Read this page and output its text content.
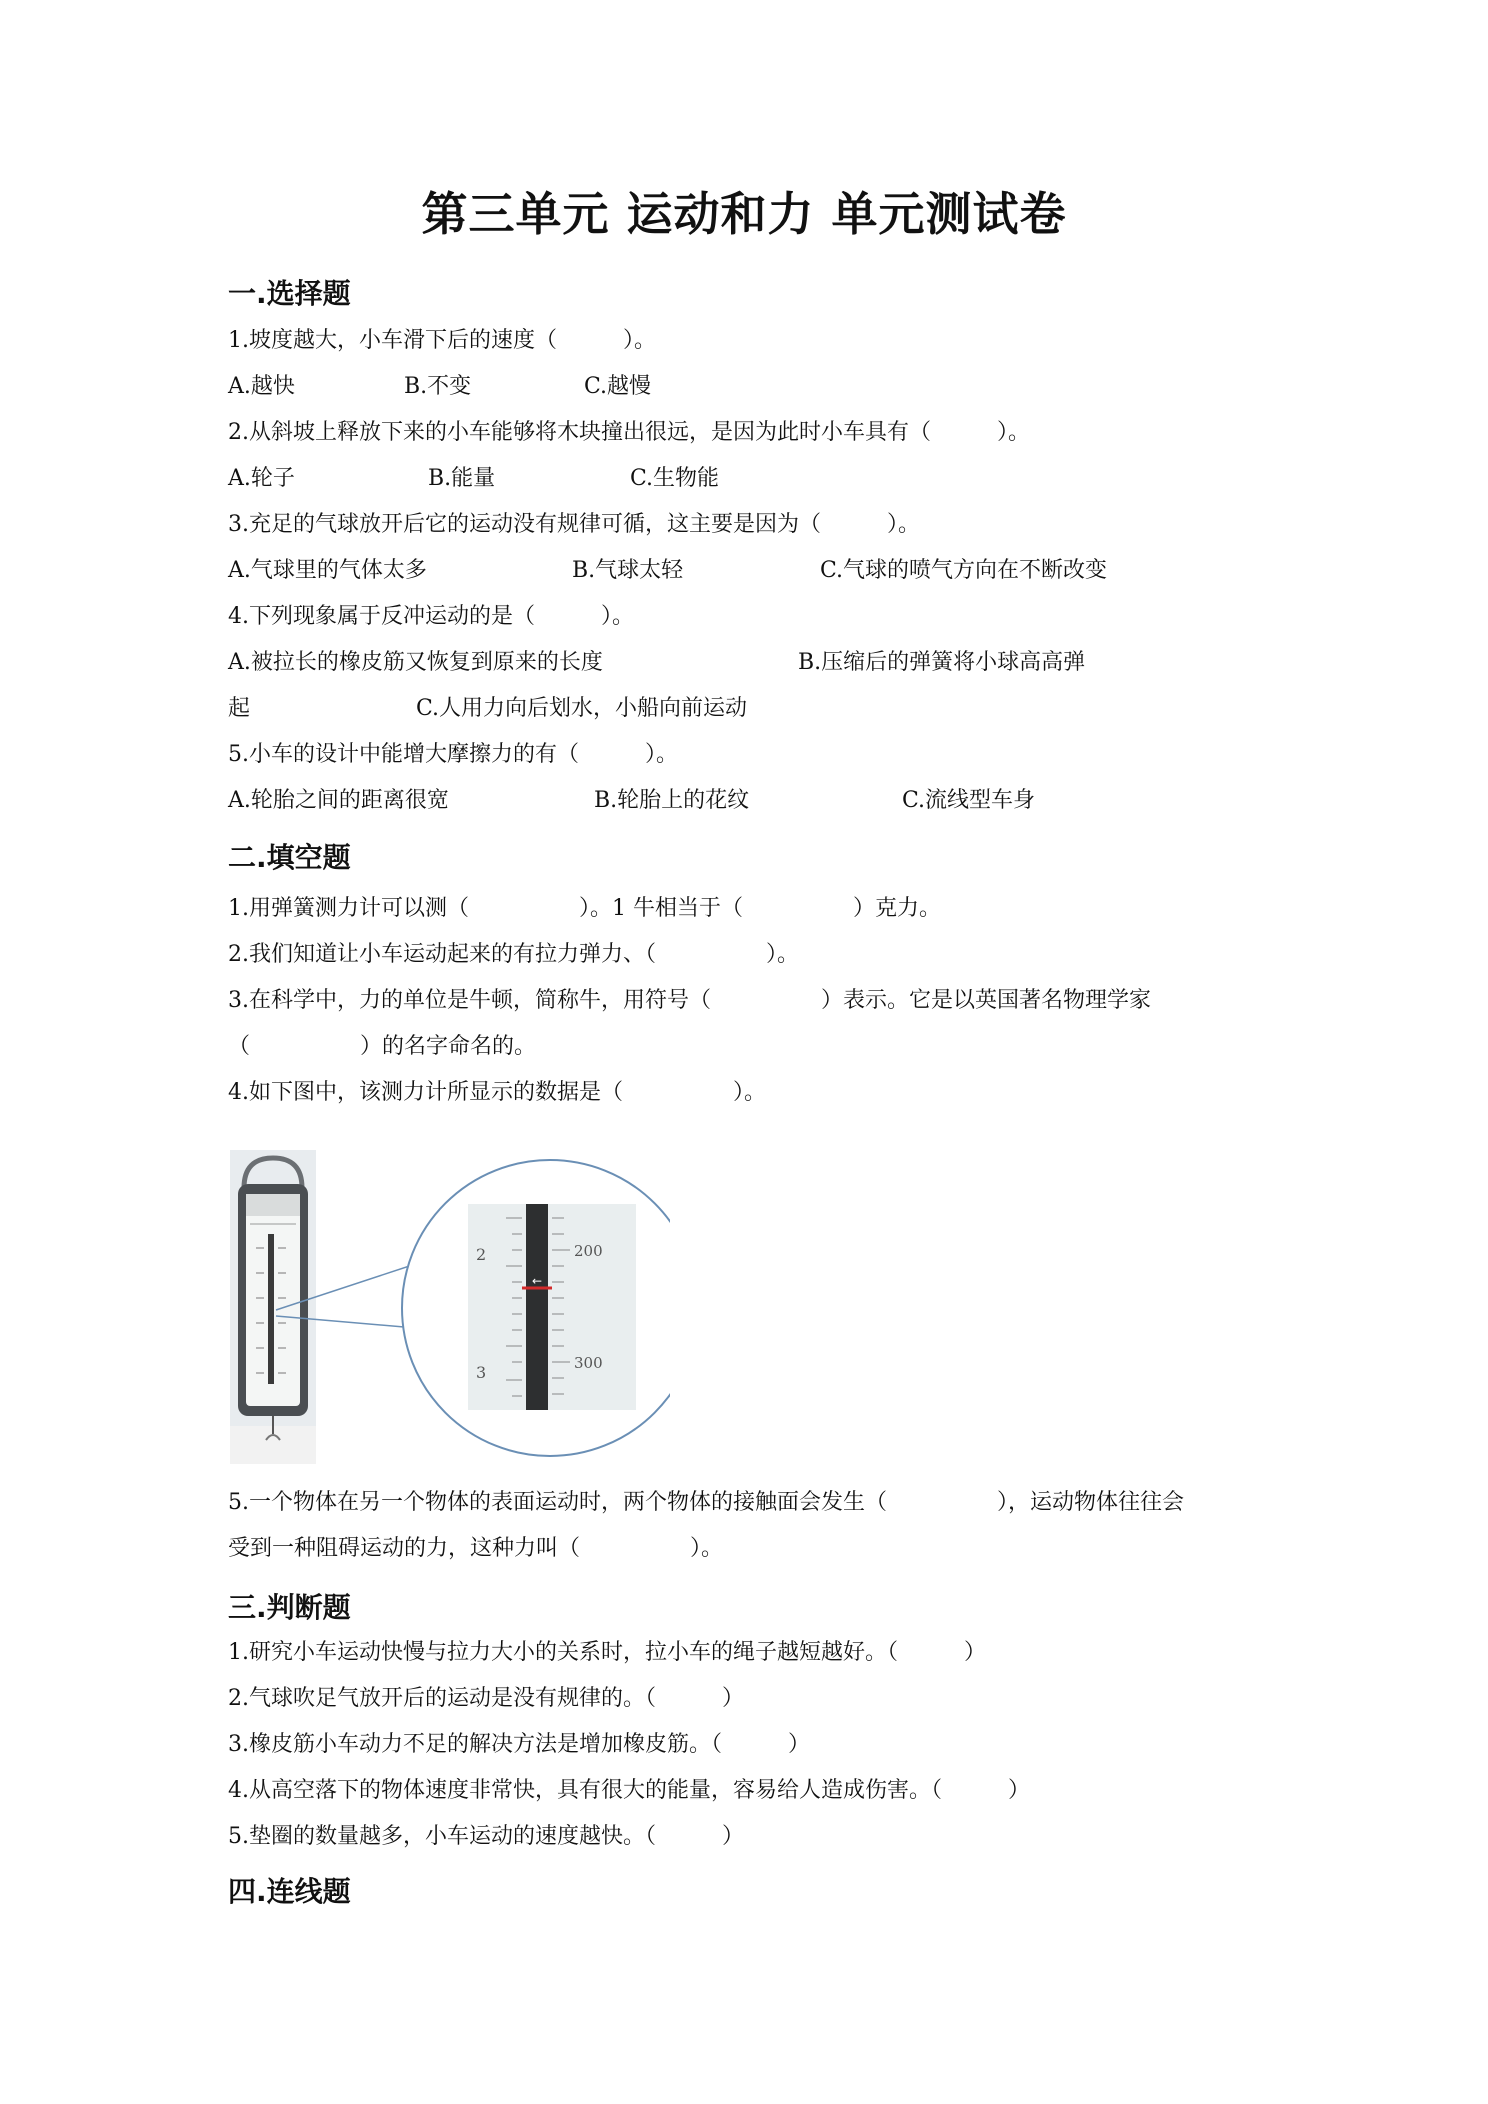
第三单元 运动和力 单元测试卷
一.选择题
1.坡度越大，小车滑下后的速度（　　　）。
A.越快	B.不变	C.越慢
2.从斜坡上释放下来的小车能够将木块撞出很远，是因为此时小车具有（　　　）。
A.轮子	B.能量	C.生物能
3.充足的气球放开后它的运动没有规律可循，这主要是因为（　　　）。
A.气球里的气体太多	B.气球太轻	C.气球的喷气方向在不断改变
4.下列现象属于反冲运动的是（　　　）。
A.被拉长的橡皮筋又恢复到原来的长度	B.压缩后的弹簧将小球高高弹
起	C.人用力向后划水，小船向前运动
5.小车的设计中能增大摩擦力的有（　　　）。
A.轮胎之间的距离很宽	B.轮胎上的花纹	C.流线型车身
二.填空题
1.用弹簧测力计可以测（　　　　　）。1 牛相当于（　　　　　）克力。
2.我们知道让小车运动起来的有拉力弹力、（　　　　　）。
3.在科学中，力的单位是牛顿，简称牛，用符号（　　　　　）表示。它是以英国著名物理学家
（　　　　　）的名字命名的。
4.如下图中，该测力计所显示的数据是（　　　　　）。
←
2
3
200
300
5.一个物体在另一个物体的表面运动时，两个物体的接触面会发生（　　　　　），运动物体往往会
受到一种阻碍运动的力，这种力叫（　　　　　）。
三.判断题
1.研究小车运动快慢与拉力大小的关系时，拉小车的绳子越短越好。（　　　）
2.气球吹足气放开后的运动是没有规律的。（　　　）
3.橡皮筋小车动力不足的解决方法是增加橡皮筋。（　　　）
4.从高空落下的物体速度非常快，具有很大的能量，容易给人造成伤害。（　　　）
5.垫圈的数量越多，小车运动的速度越快。（　　　）
四.连线题
